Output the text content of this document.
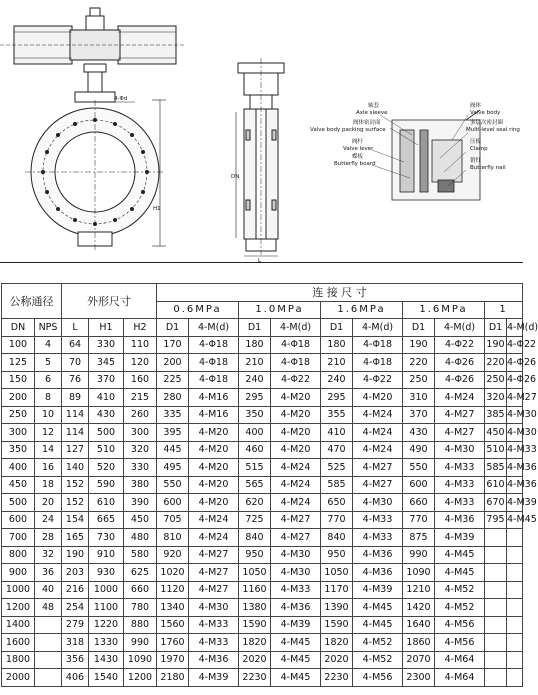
4-Φd
H1
DN
L
轴套
Axle sleeve
阀体密封面
Valve body packing surface
阀杆
Valve lever
蝶板
Butterfly board
阀体
Valve body
多层次密封圈
Multi-level seal ring
压板
Clamp
销钉
Butterfly nail
公称通径		外形尺寸			连 接 尺 寸									
					0.6MPa		1.0MPa		1.6MPa		1.6MPa		1	
DN	NPS	L	H1	H2	D1	4-M(d)	D1	4-M(d)	D1	4-M(d)	D1	4-M(d)	D1	4-M(d)
100	4	64	330	110	170	4-Φ18	180	4-Φ18	180	4-Φ18	190	4-Φ22	190	4-Φ22
125	5	70	345	120	200	4-Φ18	210	4-Φ18	210	4-Φ18	220	4-Φ26	220	4-Φ26
150	6	76	370	160	225	4-Φ18	240	4-Φ22	240	4-Φ22	250	4-Φ26	250	4-Φ26
200	8	89	410	215	280	4-M16	295	4-M20	295	4-M20	310	4-M24	320	4-M27
250	10	114	430	260	335	4-M16	350	4-M20	355	4-M24	370	4-M27	385	4-M30
300	12	114	500	300	395	4-M20	400	4-M20	410	4-M24	430	4-M27	450	4-M30
350	14	127	510	320	445	4-M20	460	4-M20	470	4-M24	490	4-M30	510	4-M33
400	16	140	520	330	495	4-M20	515	4-M24	525	4-M27	550	4-M33	585	4-M36
450	18	152	590	380	550	4-M20	565	4-M24	585	4-M27	600	4-M33	610	4-M36
500	20	152	610	390	600	4-M20	620	4-M24	650	4-M30	660	4-M33	670	4-M39
600	24	154	665	450	705	4-M24	725	4-M27	770	4-M33	770	4-M36	795	4-M45
700	28	165	730	480	810	4-M24	840	4-M27	840	4-M33	875	4-M39		
800	32	190	910	580	920	4-M27	950	4-M30	950	4-M36	990	4-M45		
900	36	203	930	625	1020	4-M27	1050	4-M30	1050	4-M36	1090	4-M45		
1000	40	216	1000	660	1120	4-M27	1160	4-M33	1170	4-M39	1210	4-M52		
1200	48	254	1100	780	1340	4-M30	1380	4-M36	1390	4-M45	1420	4-M52		
1400		279	1220	880	1560	4-M33	1590	4-M39	1590	4-M45	1640	4-M56		
1600		318	1330	990	1760	4-M33	1820	4-M45	1820	4-M52	1860	4-M56		
1800		356	1430	1090	1970	4-M36	2020	4-M45	2020	4-M52	2070	4-M64		
2000		406	1540	1200	2180	4-M39	2230	4-M45	2230	4-M56	2300	4-M64		
